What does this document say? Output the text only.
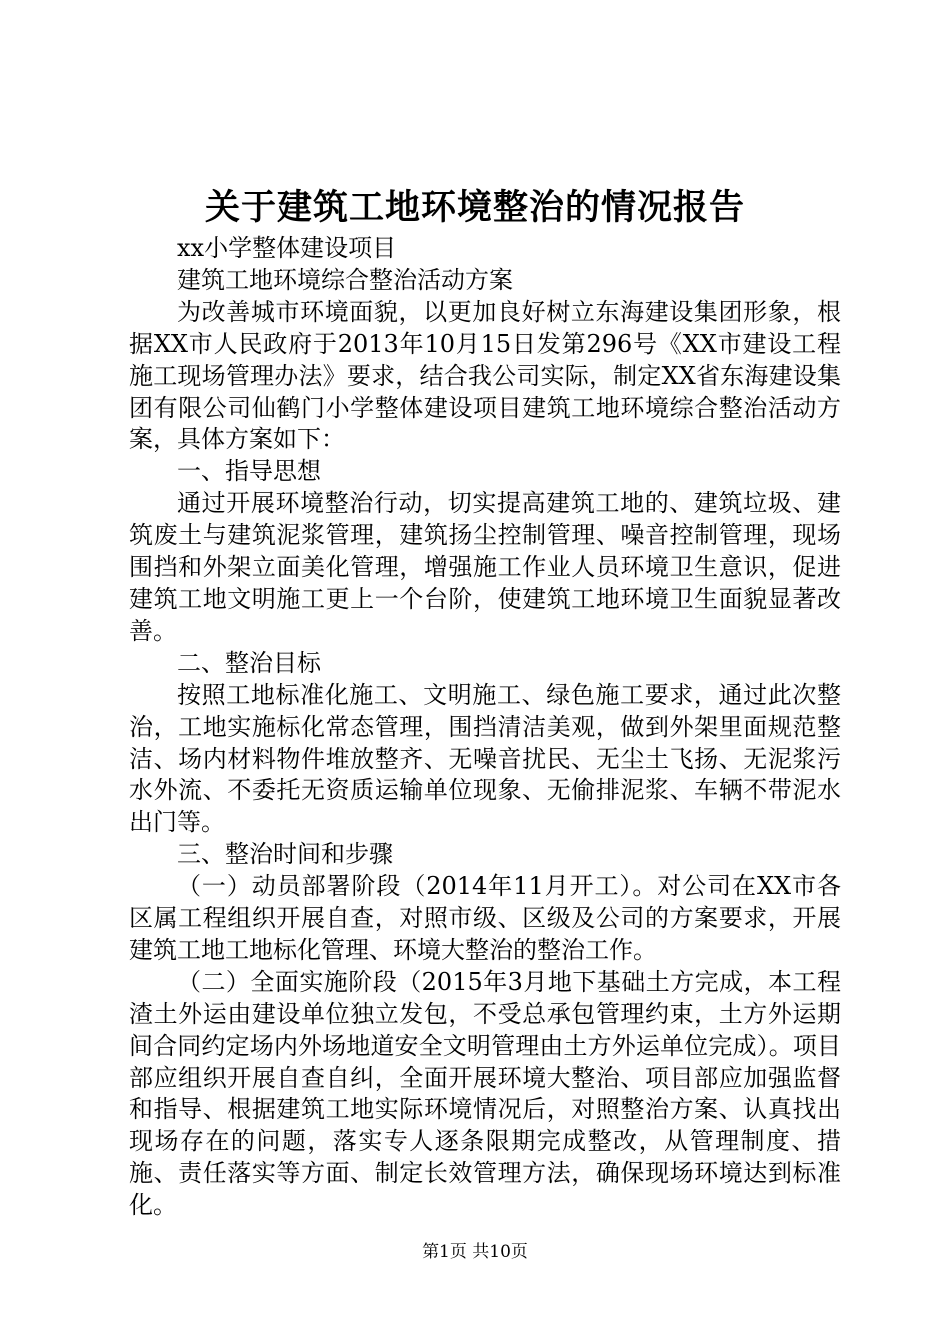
关于建筑工地环境整治的情况报告

xx小学整体建设项目

建筑工地环境综合整治活动方案

为改善城市环境面貌，以更加良好树立东海建设集团形象，根据XX市人民政府于2013年10月15日发第296号《XX市建设工程施工现场管理办法》要求，结合我公司实际，制定XX省东海建设集团有限公司仙鹤门小学整体建设项目建筑工地环境综合整治活动方案，具体方案如下：

一、指导思想

通过开展环境整治行动，切实提高建筑工地的、建筑垃圾、建筑废土与建筑泥浆管理，建筑扬尘控制管理、噪音控制管理，现场围挡和外架立面美化管理，增强施工作业人员环境卫生意识，促进建筑工地文明施工更上一个台阶，使建筑工地环境卫生面貌显著改善。

二、整治目标

按照工地标准化施工、文明施工、绿色施工要求，通过此次整治，工地实施标化常态管理，围挡清洁美观，做到外架里面规范整洁、场内材料物件堆放整齐、无噪音扰民、无尘土飞扬、无泥浆污水外流、不委托无资质运输单位现象、无偷排泥浆、车辆不带泥水出门等。

三、整治时间和步骤

（一）动员部署阶段（2014年11月开工）。对公司在XX市各区属工程组织开展自查，对照市级、区级及公司的方案要求，开展建筑工地工地标化管理、环境大整治的整治工作。

（二）全面实施阶段（2015年3月地下基础土方完成，本工程渣土外运由建设单位独立发包，不受总承包管理约束，土方外运期间合同约定场内外场地道安全文明管理由土方外运单位完成）。项目部应组织开展自查自纠，全面开展环境大整治、项目部应加强监督和指导、根据建筑工地实际环境情况后，对照整治方案、认真找出现场存在的问题，落实专人逐条限期完成整改，从管理制度、措施、责任落实等方面、制定长效管理方法，确保现场环境达到标准化。

第1页 共10页
